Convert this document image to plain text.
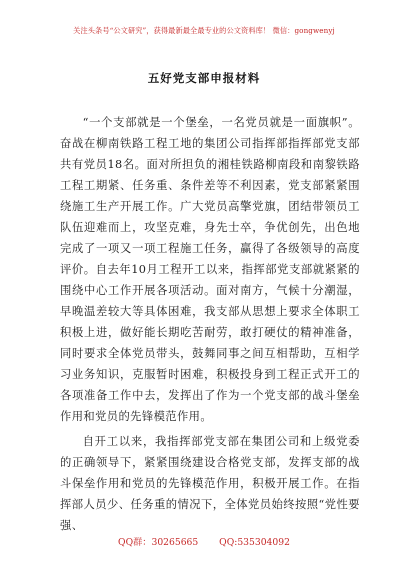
关注头条号“公文研究”，获得最新最全最专业的公文资料库！ 微信：gongwenyj
五好党支部申报材料

“一个支部就是一个堡垒，一名党员就是一面旗帜”。奋战在柳南铁路工程工地的集团公司指挥部指挥部党支部共有党员18名。面对所担负的湘桂铁路柳南段和南黎铁路工程工期紧、任务重、条件差等不利因素，党支部紧紧围绕施工生产开展工作。广大党员高擎党旗，团结带领员工队伍迎难而上，攻坚克难，身先士卒，争优创先，出色地完成了一项又一项工程施工任务，赢得了各级领导的高度评价。自去年10月工程开工以来，指挥部党支部就紧紧的围绕中心工作开展各项活动。面对南方，气候十分潮湿，早晚温差较大等具体困难，我支部从思想上要求全体职工积极上进，做好能长期吃苦耐劳，敢打硬仗的精神准备，同时要求全体党员带头，鼓舞同事之间互相帮助，互相学习业务知识，克服暂时困难，积极投身到工程正式开工的各项准备工作中去，发挥出了作为一个党支部的战斗堡垒作用和党员的先锋模范作用。

自开工以来，我指挥部党支部在集团公司和上级党委的正确领导下，紧紧围绕建设合格党支部，发挥支部的战斗保垒作用和党员的先锋模范作用，积极开展工作。在指挥部人员少、任务重的情况下，全体党员始终按照“党性要强、

QQ群：30265665 QQ:535304092
